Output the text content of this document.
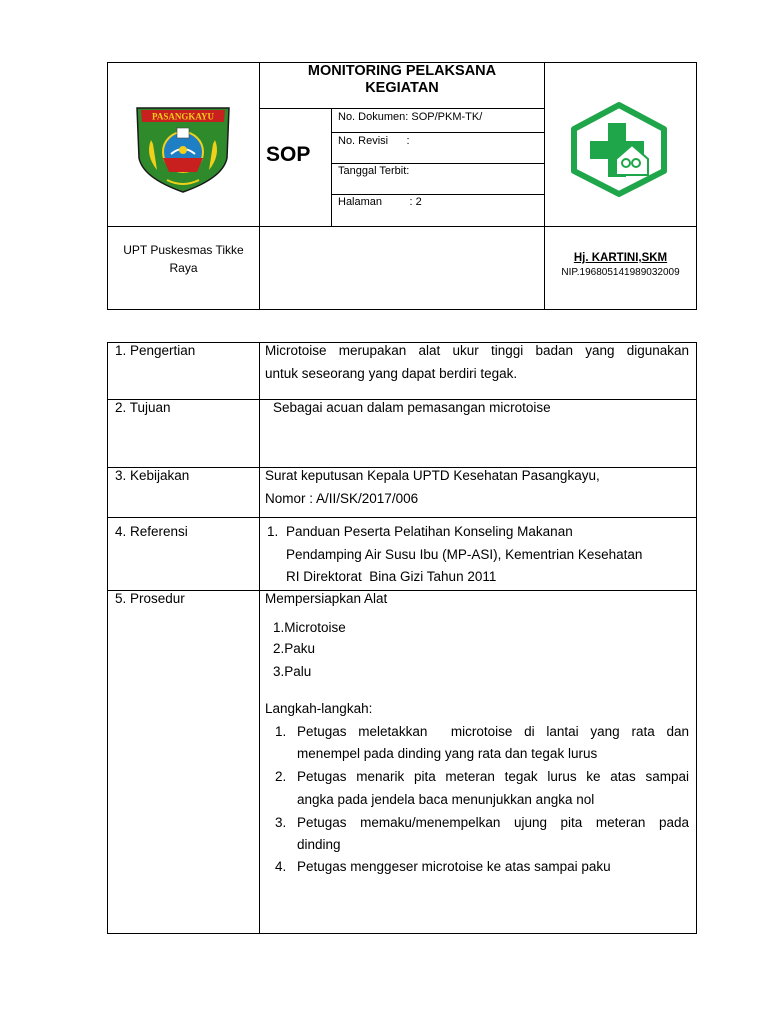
PASANGKAYU
MONITORING PELAKSANA
KEGIATAN
SOP
No. Dokumen: SOP/PKM-TK/
No. Revisi      :
Tanggal Terbit:
Halaman         : 2
UPT Puskesmas Tikke
Raya
Hj. KARTINI,SKM
NIP.196805141989032009
1. Pengertian	Microtoise merupakan alat ukur tinggi badan yang digunakan
untuk seseorang yang dapat berdiri tegak.
2. Tujuan	Sebagai acuan dalam pemasangan microtoise
3. Kebijakan	Surat keputusan Kepala UPTD Kesehatan Pasangkayu,
Nomor : A/II/SK/2017/006
4. Referensi	1. Panduan Peserta Pelatihan Konseling Makanan
Pendamping Air Susu Ibu (MP-ASI), Kementrian Kesehatan
RI Direktorat  Bina Gizi Tahun 2011
5. Prosedur	Mempersiapkan Alat
1.Microtoise
2.Paku
3.Palu
Langkah-langkah:
1. Petugas meletakkan  microtoise di lantai yang rata dan
menempel pada dinding yang rata dan tegak lurus
2. Petugas menarik pita meteran tegak lurus ke atas sampai
angka pada jendela baca menunjukkan angka nol
3. Petugas memaku/menempelkan ujung pita meteran pada
dinding
4. Petugas menggeser microtoise ke atas sampai paku
